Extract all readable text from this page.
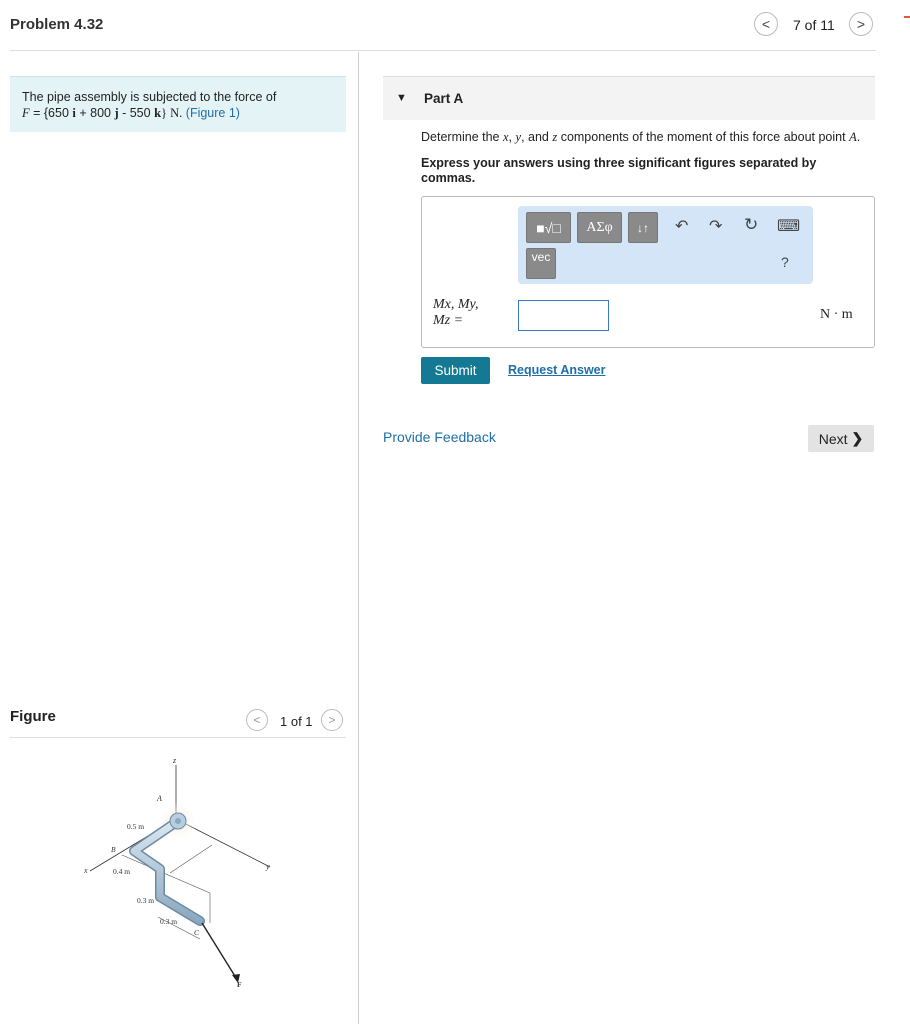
Problem 4.32	< 7 of 11 >
The pipe assembly is subjected to the force of
F = {650 i + 800 j - 550 k} N. (Figure 1)
Figure	< 1 of 1 >
z
A
0.5 m
B
x	0.4 m
y
0.3 m
0.3 m
C
F
▼ Part A
Determine the x, y, and z components of the moment of this force about point A.
Express your answers using three significant figures separated by commas.
■√□ ΑΣφ ↓↑
vec
↶ ↷ ↻ ⌨
?
Mx, My,
Mz =	N · m
Submit	Request Answer
Provide Feedback	Next ❯
